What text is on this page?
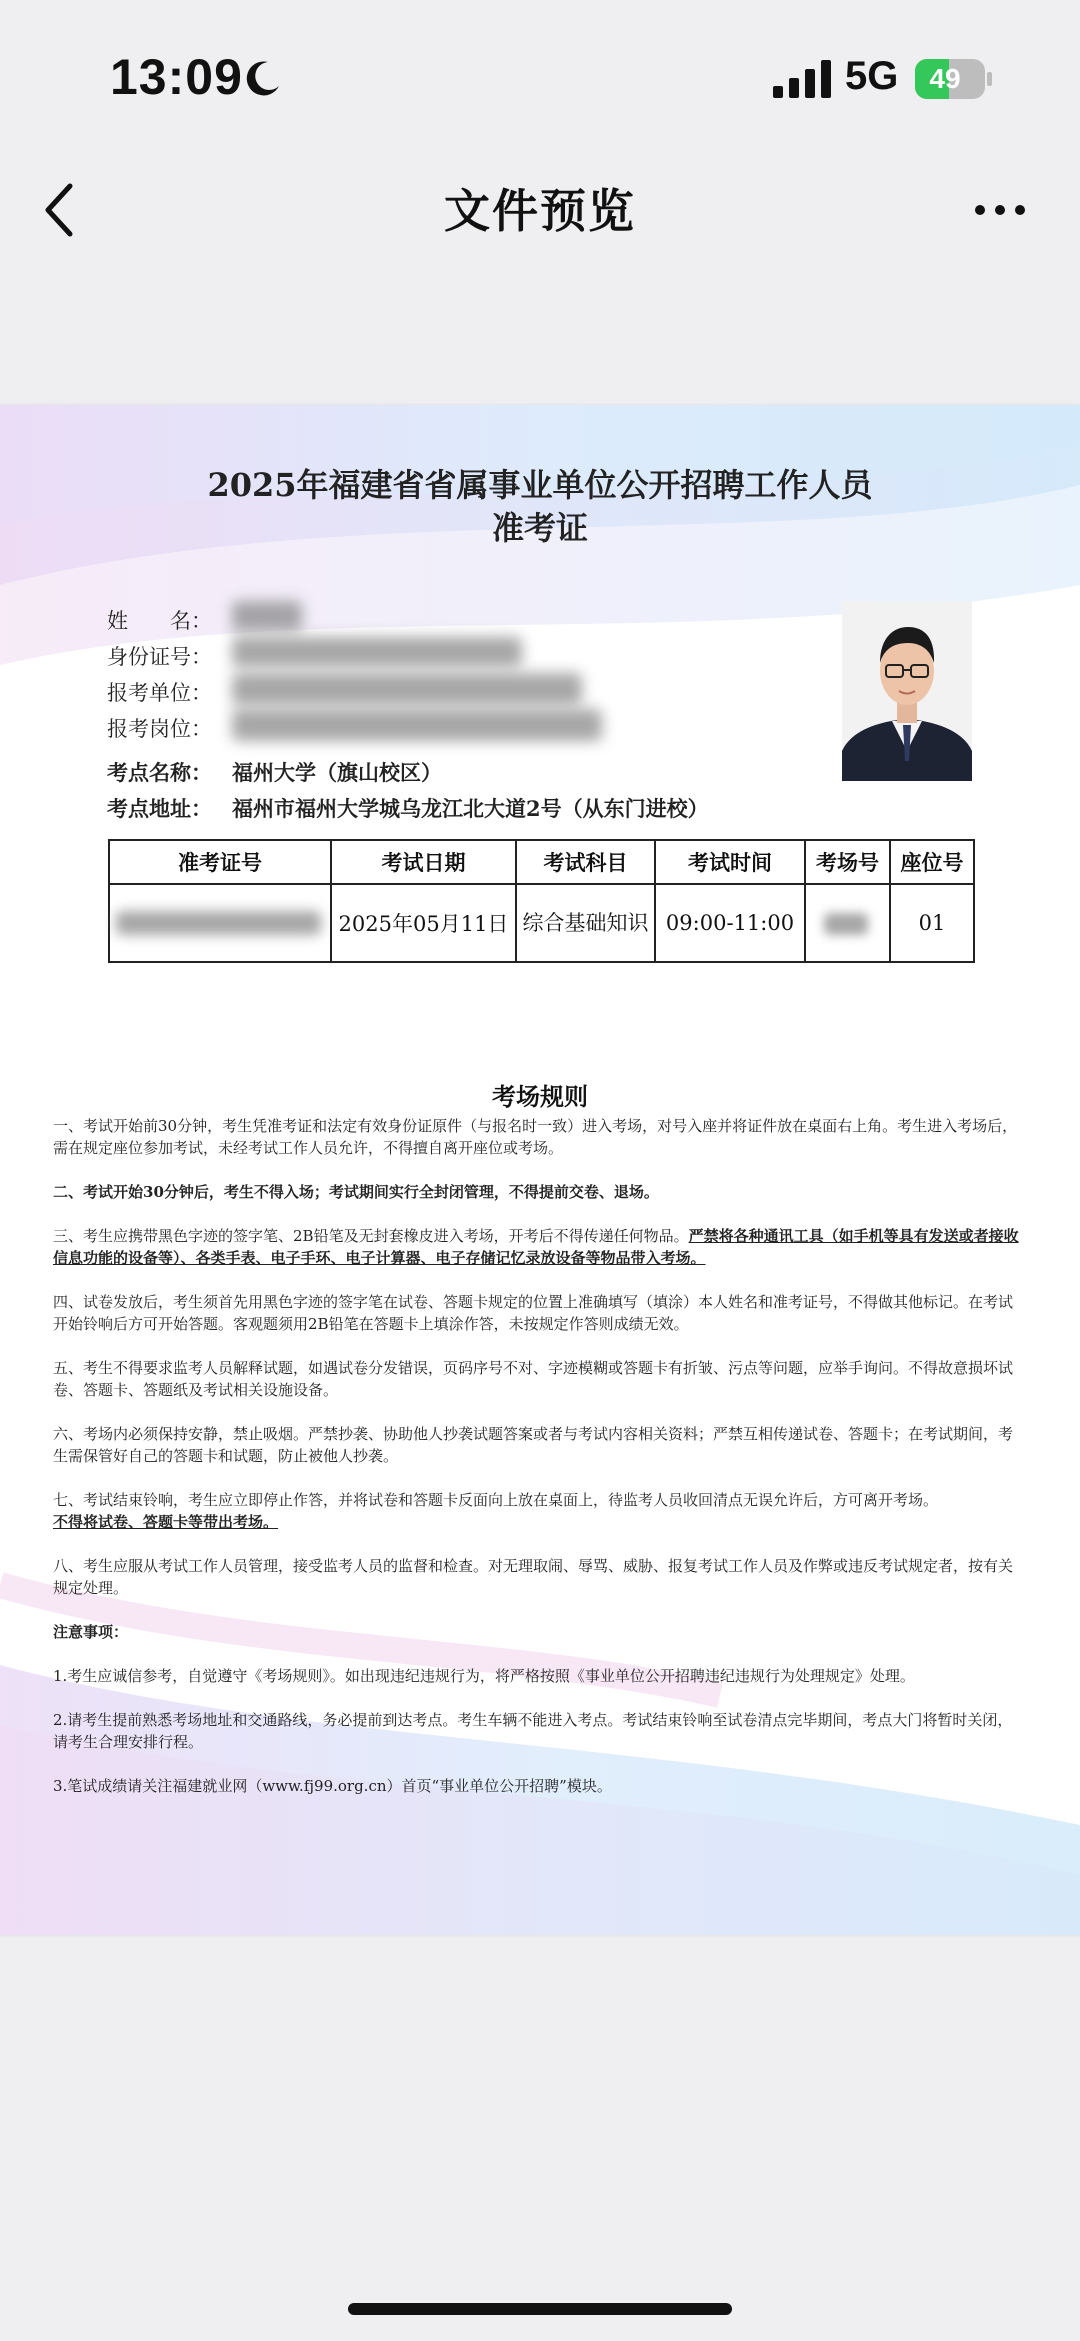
13:09	5G	49
文件预览
2025年福建省省属事业单位公开招聘工作人员
准考证
姓　　名：
身份证号：
报考单位：
报考岗位：
考点名称： 福州大学（旗山校区）
考点地址： 福州市福州大学城乌龙江北大道2号（从东门进校）
准考证号	考试日期	考试科目	考试时间	考场号	座位号

	2025年05月11日	综合基础知识	09:00-11:00		01
考场规则

一、考试开始前30分钟，考生凭准考证和法定有效身份证原件（与报名时一致）进入考场，对号入座并将证件放在桌面右上角。考生进入考场后，需在规定座位参加考试，未经考试工作人员允许，不得擅自离开座位或考场。

二、考试开始30分钟后，考生不得入场；考试期间实行全封闭管理，不得提前交卷、退场。

三、考生应携带黑色字迹的签字笔、2B铅笔及无封套橡皮进入考场，开考后不得传递任何物品。严禁将各种通讯工具（如手机等具有发送或者接收信息功能的设备等）、各类手表、电子手环、电子计算器、电子存储记忆录放设备等物品带入考场。

四、试卷发放后，考生须首先用黑色字迹的签字笔在试卷、答题卡规定的位置上准确填写（填涂）本人姓名和准考证号，不得做其他标记。在考试开始铃响后方可开始答题。客观题须用2B铅笔在答题卡上填涂作答，未按规定作答则成绩无效。

五、考生不得要求监考人员解释试题，如遇试卷分发错误，页码序号不对、字迹模糊或答题卡有折皱、污点等问题，应举手询问。不得故意损坏试卷、答题卡、答题纸及考试相关设施设备。

六、考场内必须保持安静，禁止吸烟。严禁抄袭、协助他人抄袭试题答案或者与考试内容相关资料；严禁互相传递试卷、答题卡；在考试期间，考生需保管好自己的答题卡和试题，防止被他人抄袭。

七、考试结束铃响，考生应立即停止作答，并将试卷和答题卡反面向上放在桌面上，待监考人员收回清点无误允许后，方可离开考场。
不得将试卷、答题卡等带出考场。

八、考生应服从考试工作人员管理，接受监考人员的监督和检查。对无理取闹、辱骂、威胁、报复考试工作人员及作弊或违反考试规定者，按有关规定处理。

注意事项：

1.考生应诚信参考，自觉遵守《考场规则》。如出现违纪违规行为，将严格按照《事业单位公开招聘违纪违规行为处理规定》处理。

2.请考生提前熟悉考场地址和交通路线，务必提前到达考点。考生车辆不能进入考点。考试结束铃响至试卷清点完毕期间，考点大门将暂时关闭，请考生合理安排行程。

3.笔试成绩请关注福建就业网（www.fj99.org.cn）首页“事业单位公开招聘”模块。
